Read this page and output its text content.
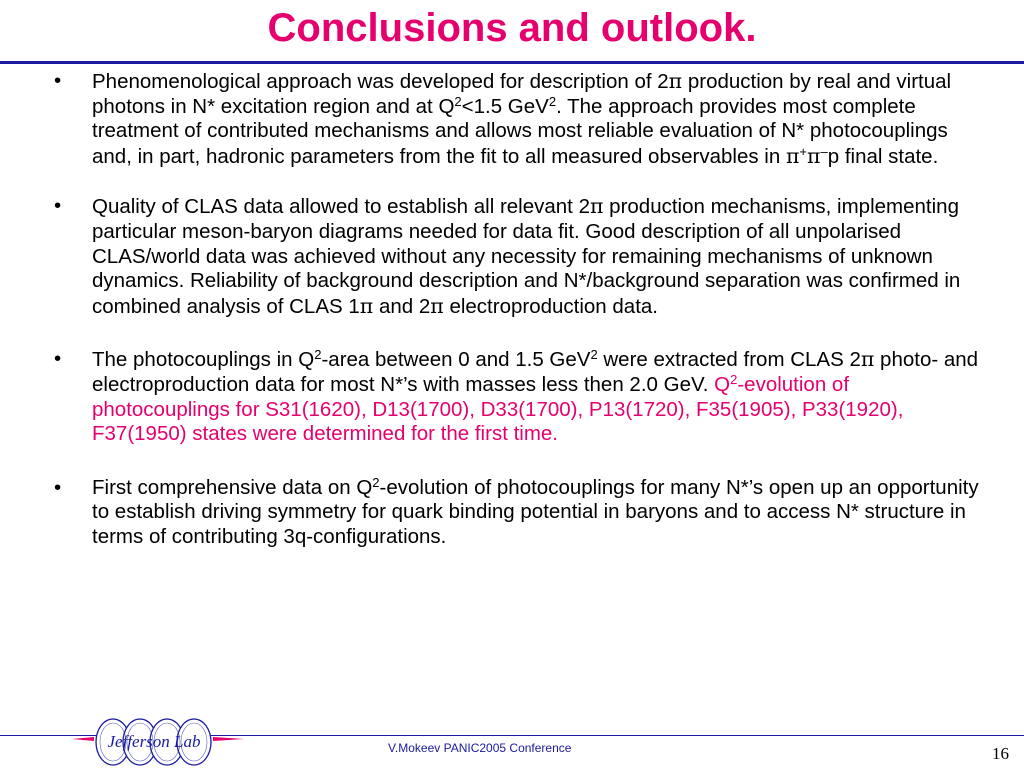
Conclusions and outlook.
•	Phenomenological approach was developed for description of 2π production by real and virtual photons in N* excitation region and at $Q^2<1.5$ GeV$^2$. The approach provides most complete treatment of contributed mechanisms and allows most reliable evaluation of N* photocouplings and, in part, hadronic parameters from the fit to all measured observables in π+π–p final state.
•	Quality of CLAS data allowed to establish all relevant 2π production mechanisms, implementing particular meson-baryon diagrams needed for data fit. Good description of all unpolarised CLAS/world data was achieved without any necessity for remaining mechanisms of unknown dynamics. Reliability of background description and N*/background separation was confirmed in combined analysis of CLAS 1π and 2π electroproduction data.
•	The photocouplings in $Q^2$-area between 0 and 1.5 GeV$^2$ were extracted from CLAS 2π photo- and electroproduction data for most N*’s with masses less then 2.0 GeV. $Q^2$-evolution of photocouplings for S31(1620), D13(1700), D33(1700), P13(1720), F35(1905), P33(1920), F37(1950) states were determined for the first time.
•	First comprehensive data on $Q^2$-evolution of photocouplings for many N*’s open up an opportunity to establish driving symmetry for quark binding potential in baryons and to access N* structure in terms of contributing 3q-configurations.
Jefferson Lab	V.Mokeev PANIC2005 Conference	16
